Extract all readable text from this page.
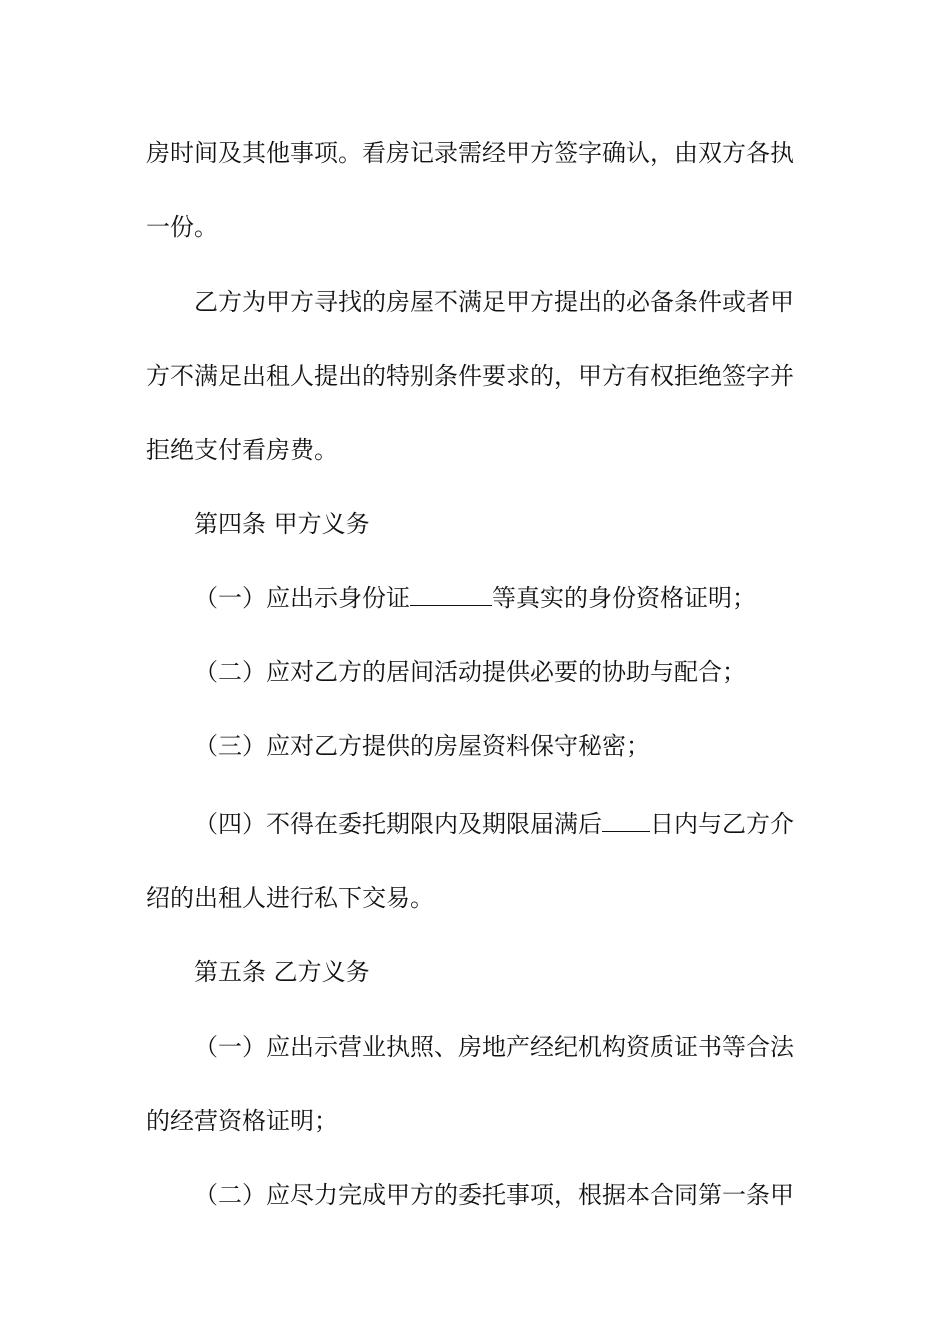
房时间及其他事项。看房记录需经甲方签字确认，由双方各执
一份。
乙方为甲方寻找的房屋不满足甲方提出的必备条件或者甲
方不满足出租人提出的特别条件要求的，甲方有权拒绝签字并
拒绝支付看房费。
第四条 甲方义务
（一）应出示身份证	等真实的身份资格证明；
（二）应对乙方的居间活动提供必要的协助与配合；
（三）应对乙方提供的房屋资料保守秘密；
（四）不得在委托期限内及期限届满后 日内与乙方介
绍的出租人进行私下交易。
第五条 乙方义务
（一）应出示营业执照、房地产经纪机构资质证书等合法
的经营资格证明；
（二）应尽力完成甲方的委托事项，根据本合同第一条甲
